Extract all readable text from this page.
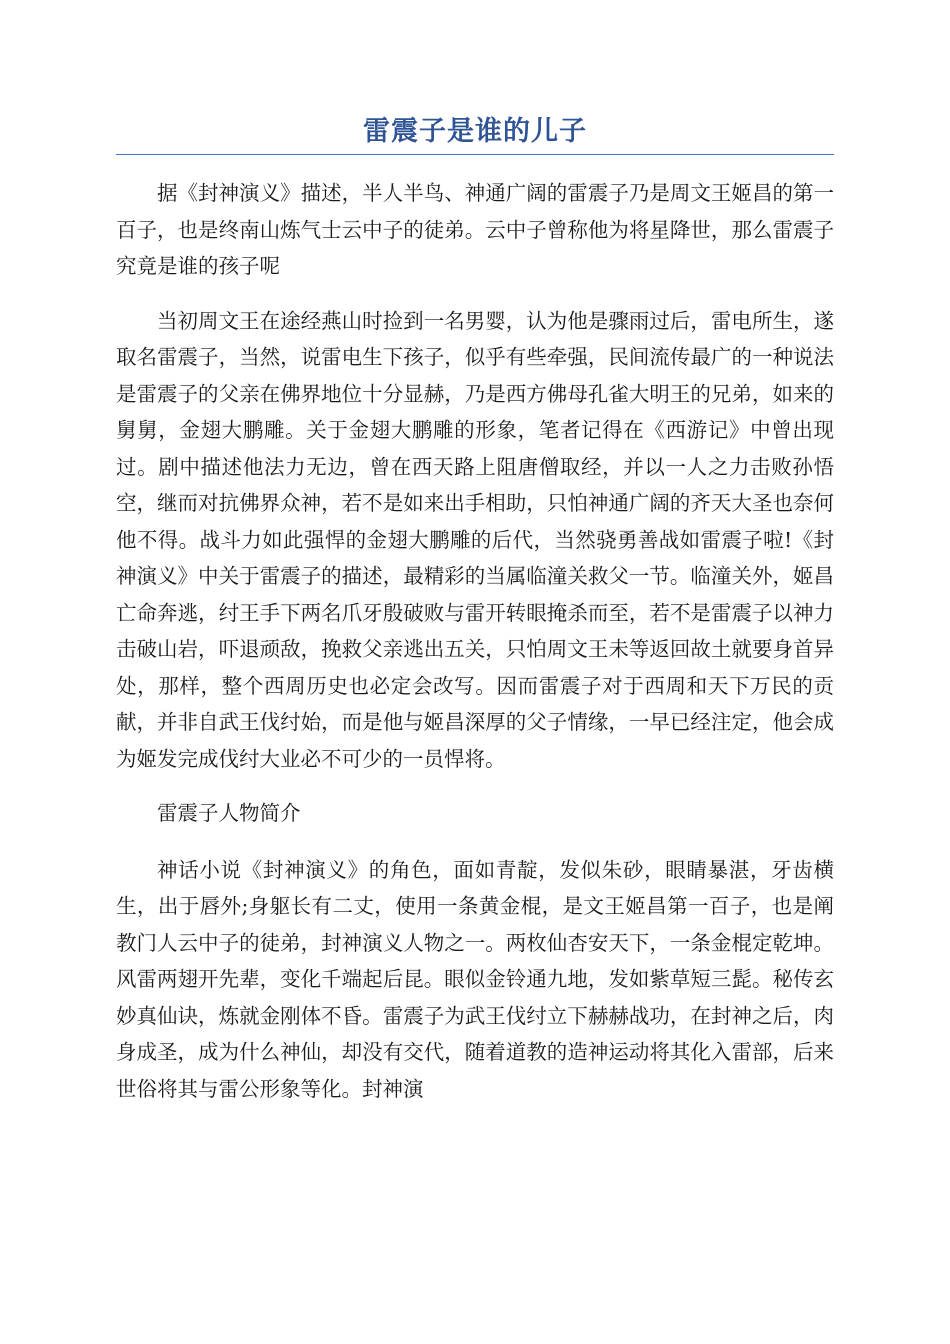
雷震子是谁的儿子

据《封神演义》描述，半人半鸟、神通广阔的雷震子乃是周文王姬昌的第一百子，也是终南山炼气士云中子的徒弟。云中子曾称他为将星降世，那么雷震子究竟是谁的孩子呢

当初周文王在途经燕山时捡到一名男婴，认为他是骤雨过后，雷电所生，遂取名雷震子，当然，说雷电生下孩子，似乎有些牵强，民间流传最广的一种说法是雷震子的父亲在佛界地位十分显赫，乃是西方佛母孔雀大明王的兄弟，如来的舅舅，金翅大鹏雕。关于金翅大鹏雕的形象，笔者记得在《西游记》中曾出现过。剧中描述他法力无边，曾在西天路上阻唐僧取经，并以一人之力击败孙悟空，继而对抗佛界众神，若不是如来出手相助，只怕神通广阔的齐天大圣也奈何他不得。战斗力如此强悍的金翅大鹏雕的后代，当然骁勇善战如雷震子啦!《封神演义》中关于雷震子的描述，最精彩的当属临潼关救父一节。临潼关外，姬昌亡命奔逃，纣王手下两名爪牙殷破败与雷开转眼掩杀而至，若不是雷震子以神力击破山岩，吓退顽敌，挽救父亲逃出五关，只怕周文王未等返回故土就要身首异处，那样，整个西周历史也必定会改写。因而雷震子对于西周和天下万民的贡献，并非自武王伐纣始，而是他与姬昌深厚的父子情缘，一早已经注定，他会成为姬发完成伐纣大业必不可少的一员悍将。

雷震子人物简介

神话小说《封神演义》的角色，面如青靛，发似朱砂，眼睛暴湛，牙齿横生，出于唇外;身躯长有二丈，使用一条黄金棍，是文王姬昌第一百子，也是阐教门人云中子的徒弟，封神演义人物之一。两枚仙杏安天下，一条金棍定乾坤。风雷两翅开先辈，变化千端起后昆。眼似金铃通九地，发如紫草短三髭。秘传玄妙真仙诀，炼就金刚体不昏。雷震子为武王伐纣立下赫赫战功，在封神之后，肉身成圣，成为什么神仙，却没有交代，随着道教的造神运动将其化入雷部，后来世俗将其与雷公形象等化。封神演
